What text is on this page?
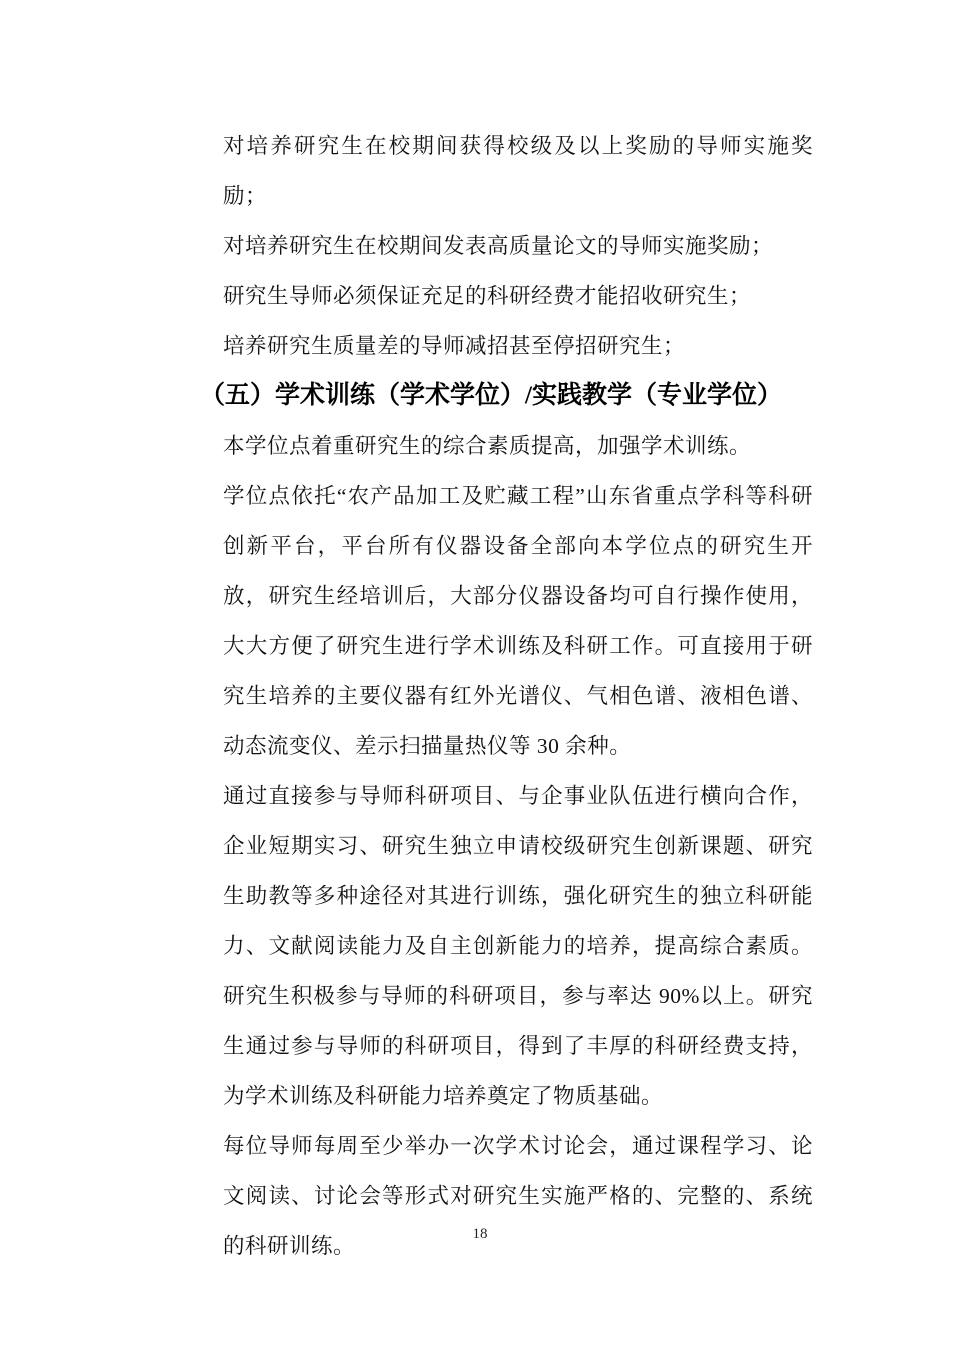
对培养研究生在校期间获得校级及以上奖励的导师实施奖励；

对培养研究生在校期间发表高质量论文的导师实施奖励；

研究生导师必须保证充足的科研经费才能招收研究生；

培养研究生质量差的导师减招甚至停招研究生；

（五）学术训练（学术学位）/实践教学（专业学位）

本学位点着重研究生的综合素质提高，加强学术训练。

学位点依托“农产品加工及贮藏工程”山东省重点学科等科研创新平台，平台所有仪器设备全部向本学位点的研究生开放，研究生经培训后，大部分仪器设备均可自行操作使用，大大方便了研究生进行学术训练及科研工作。可直接用于研究生培养的主要仪器有红外光谱仪、气相色谱、液相色谱、动态流变仪、差示扫描量热仪等 30 余种。

通过直接参与导师科研项目、与企事业队伍进行横向合作，企业短期实习、研究生独立申请校级研究生创新课题、研究生助教等多种途径对其进行训练，强化研究生的独立科研能力、文献阅读能力及自主创新能力的培养，提高综合素质。研究生积极参与导师的科研项目，参与率达 90%以上。研究生通过参与导师的科研项目，得到了丰厚的科研经费支持，为学术训练及科研能力培养奠定了物质基础。

每位导师每周至少举办一次学术讨论会，通过课程学习、论文阅读、讨论会等形式对研究生实施严格的、完整的、系统的科研训练。	18
